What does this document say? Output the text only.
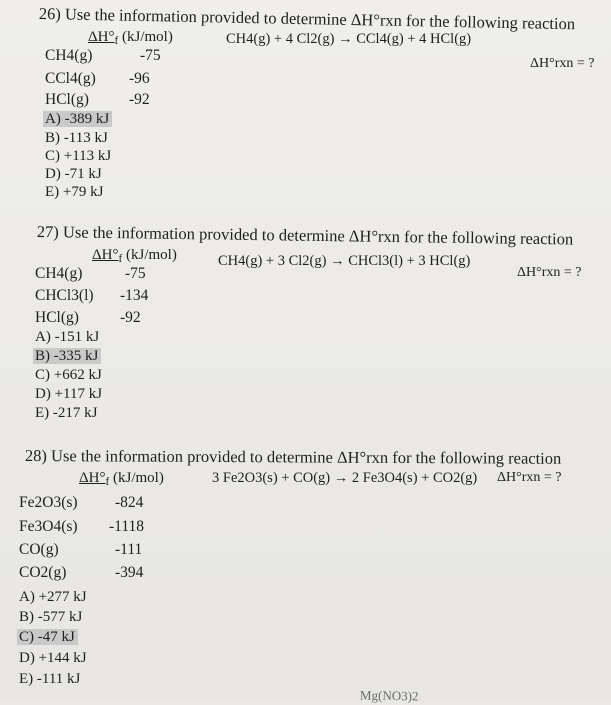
26) Use the information provided to determine ΔH°rxn for the following reaction
$\Delta H^\circ_f$ (kJ/mol)	CH4(g) + 4 Cl2(g) → CCl4(g) + 4 HCl(g)
ΔH°rxn = ?
CH4(g)	-75
CCl4(g) -96
HCl(g)	-92
A) -389 kJ
B) -113 kJ
C) +113 kJ
D) -71 kJ
E) +79 kJ
27) Use the information provided to determine ΔH°rxn for the following reaction
$\Delta H^\circ_f$ (kJ/mol)	CH4(g) + 3 Cl2(g) → CHCl3(l) + 3 HCl(g)
ΔH°rxn = ?
CH4(g)	-75
CHCl3(l) -134
HCl(g)	-92
A) -151 kJ
B) -335 kJ
C) +662 kJ
D) +117 kJ
E) -217 kJ
28) Use the information provided to determine ΔH°rxn for the following reaction
$\Delta H^\circ_f$ (kJ/mol)	3 Fe2O3(s) + CO(g) → 2 Fe3O4(s) + CO2(g) ΔH°rxn = ?
Fe2O3(s) -824
Fe3O4(s) -1118
CO(g)	-111
CO2(g)	-394
A) +277 kJ
B) -577 kJ
C) -47 kJ
D) +144 kJ
E) -111 kJ
Mg(NO3)2
